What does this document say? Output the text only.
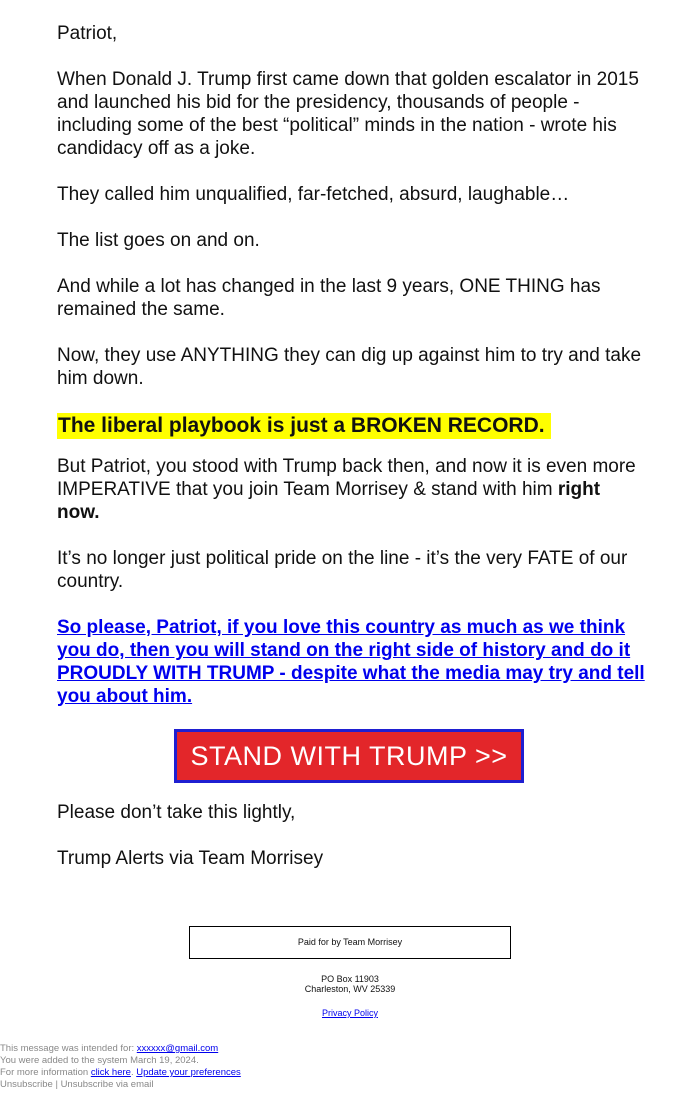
Patriot,

When Donald J. Trump first came down that golden escalator in 2015 and launched his bid for the presidency, thousands of people - including some of the best “political” minds in the nation - wrote his candidacy off as a joke.

They called him unqualified, far-fetched, absurd, laughable…

The list goes on and on.

And while a lot has changed in the last 9 years, ONE THING has remained the same.

Now, they use ANYTHING they can dig up against him to try and take him down.

The liberal playbook is just a BROKEN RECORD.

But Patriot, you stood with Trump back then, and now it is even more IMPERATIVE that you join Team Morrisey & stand with him right now.

It’s no longer just political pride on the line - it’s the very FATE of our country.

So please, Patriot, if you love this country as much as we think you do, then you will stand on the right side of history and do it PROUDLY WITH TRUMP - despite what the media may try and tell you about him.

STAND WITH TRUMP >>

Please don’t take this lightly,

Trump Alerts via Team Morrisey

Paid for by Team Morrisey
PO Box 11903
Charleston, WV 25339
Privacy Policy
This message was intended for: xxxxxx@gmail.com
You were added to the system March 19, 2024.
For more information click here. Update your preferences
Unsubscribe | Unsubscribe via email
